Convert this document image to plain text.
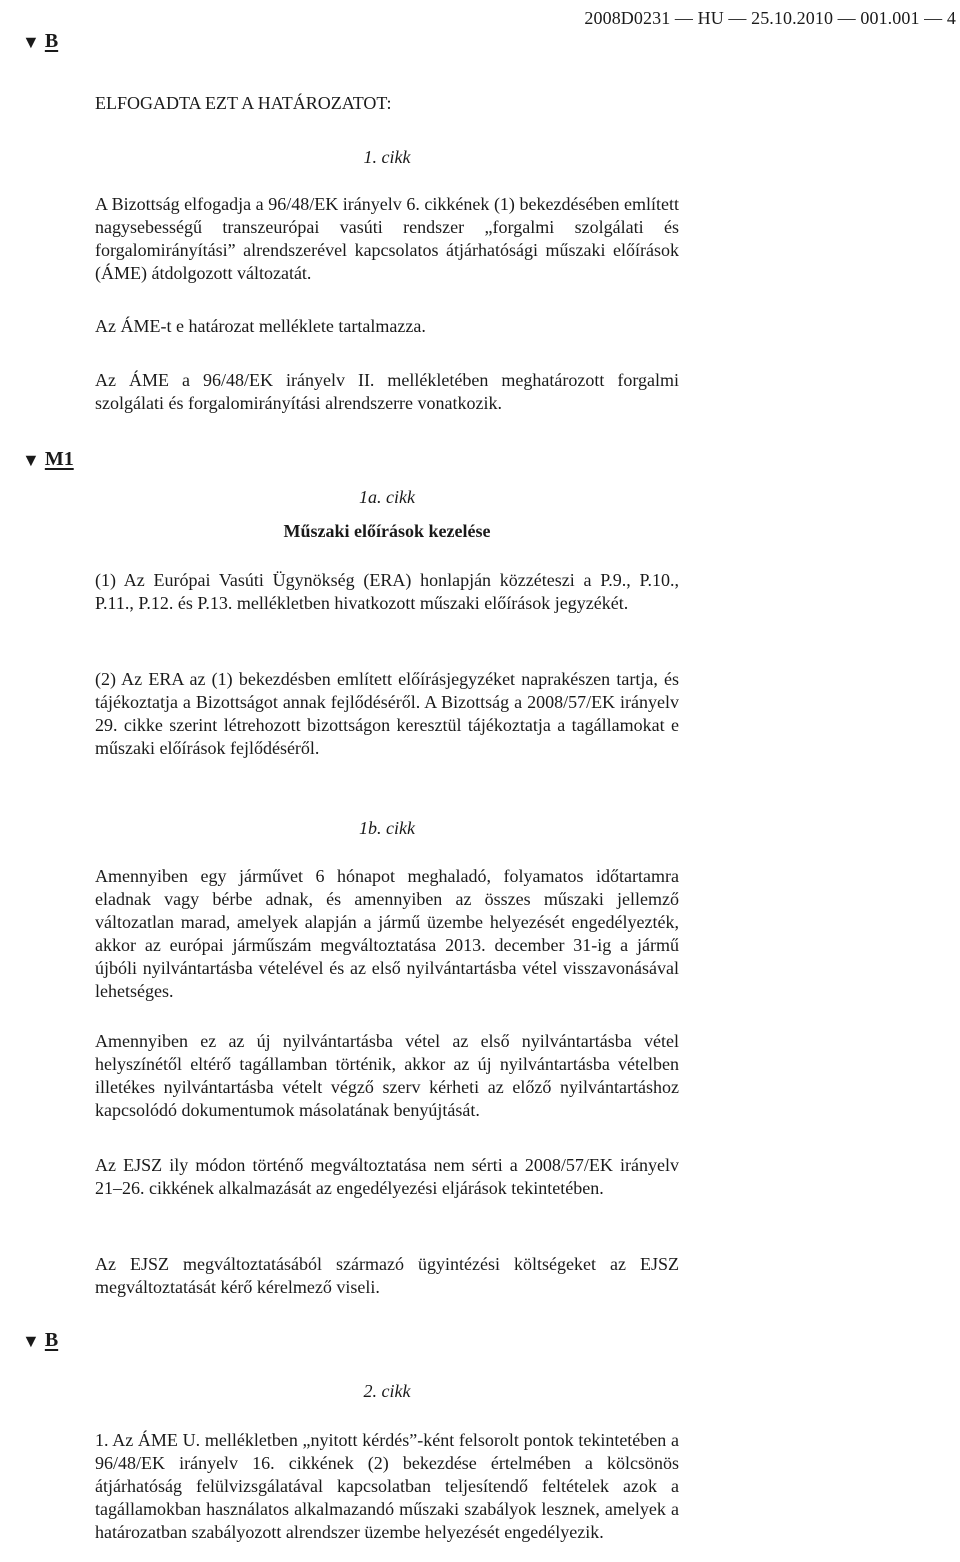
2008D0231 — HU — 25.10.2010 — 001.001 — 4
▼ B

ELFOGADTA EZT A HATÁROZATOT:

1. cikk

A Bizottság elfogadja a 96/48/EK irányelv 6. cikkének (1) bekezdésében említett nagysebességű transzeurópai vasúti rendszer „forgalmi szolgálati és forgalomirányítási” alrendszerével kapcsolatos átjárhatósági műszaki előírások (ÁME) átdolgozott változatát.

Az ÁME-t e határozat melléklete tartalmazza.

Az ÁME a 96/48/EK irányelv II. mellékletében meghatározott forgalmi szolgálati és forgalomirányítási alrendszerre vonatkozik.

▼ M1

1a. cikk

Műszaki előírások kezelése

(1) Az Európai Vasúti Ügynökség (ERA) honlapján közzéteszi a P.9., P.10., P.11., P.12. és P.13. mellékletben hivatkozott műszaki előírások jegyzékét.

(2) Az ERA az (1) bekezdésben említett előírásjegyzéket naprakészen tartja, és tájékoztatja a Bizottságot annak fejlődéséről. A Bizottság a 2008/57/EK irányelv 29. cikke szerint létrehozott bizottságon keresztül tájékoztatja a tagállamokat e műszaki előírások fejlődéséről.

1b. cikk

Amennyiben egy járművet 6 hónapot meghaladó, folyamatos időtartamra eladnak vagy bérbe adnak, és amennyiben az összes műszaki jellemző változatlan marad, amelyek alapján a jármű üzembe helyezését engedélyezték, akkor az európai járműszám megváltoztatása 2013. december 31-ig a jármű újbóli nyilvántartásba vételével és az első nyilvántartásba vétel visszavonásával lehetséges.

Amennyiben ez az új nyilvántartásba vétel az első nyilvántartásba vétel helyszínétől eltérő tagállamban történik, akkor az új nyilvántartásba vételben illetékes nyilvántartásba vételt végző szerv kérheti az előző nyilvántartáshoz kapcsolódó dokumentumok másolatának benyújtását.

Az EJSZ ily módon történő megváltoztatása nem sérti a 2008/57/EK irányelv 21–26. cikkének alkalmazását az engedélyezési eljárások tekintetében.

Az EJSZ megváltoztatásából származó ügyintézési költségeket az EJSZ megváltoztatását kérő kérelmező viseli.

▼ B

2. cikk

1. Az ÁME U. mellékletben „nyitott kérdés”-ként felsorolt pontok tekintetében a 96/48/EK irányelv 16. cikkének (2) bekezdése értelmében a kölcsönös átjárhatóság felülvizsgálatával kapcsolatban teljesítendő feltételek azok a tagállamokban használatos alkalmazandó műszaki szabályok lesznek, amelyek a határozatban szabályozott alrendszer üzembe helyezését engedélyezik.
